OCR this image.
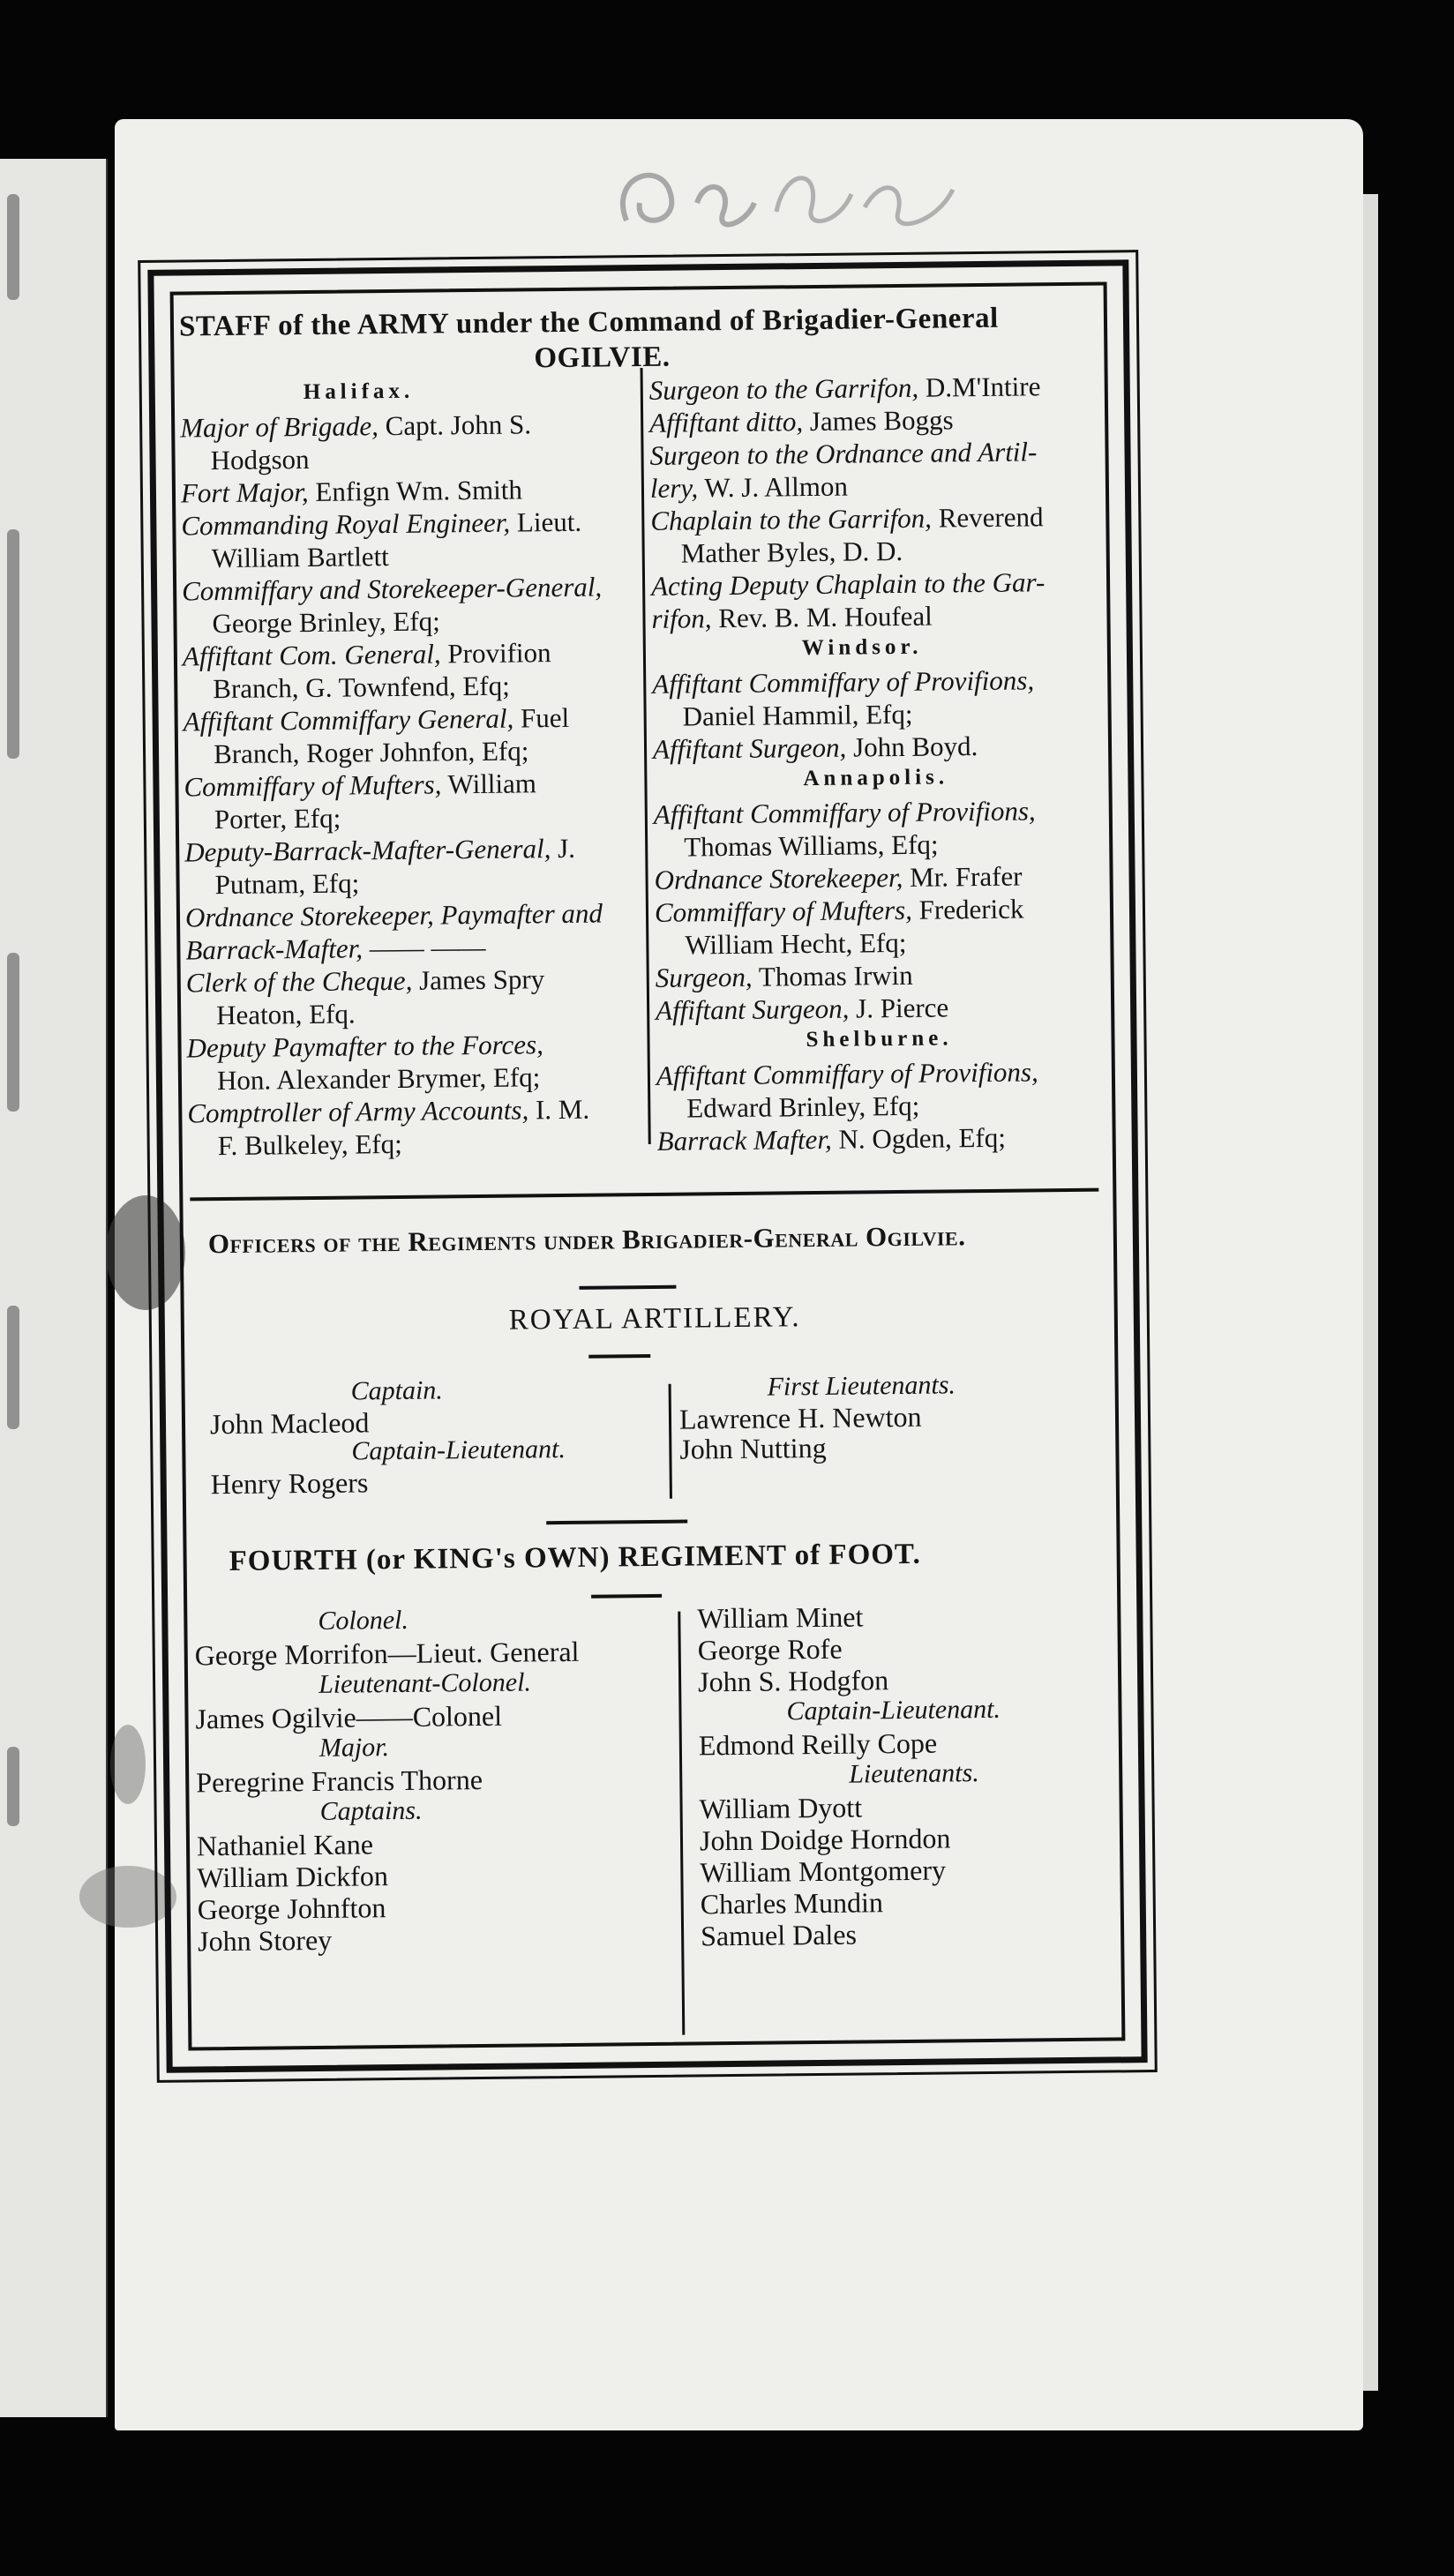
STAFF of the ARMY under the Command of Brigadier-General
OGILVIE.
Halifax.
Major of Brigade, Capt. John S.
Hodgson
Fort Major, Enfign Wm. Smith
Commanding Royal Engineer, Lieut.
William Bartlett
Commiffary and Storekeeper-General,
George Brinley, Efq;
Affiftant Com. General, Provifion
Branch, G. Townfend, Efq;
Affiftant Commiffary General, Fuel
Branch, Roger Johnfon, Efq;
Commiffary of Mufters, William
Porter, Efq;
Deputy-Barrack-Mafter-General, J.
Putnam, Efq;
Ordnance Storekeeper, Paymafter and
Barrack-Mafter, —— ——
Clerk of the Cheque, James Spry
Heaton, Efq.
Deputy Paymafter to the Forces,
Hon. Alexander Brymer, Efq;
Comptroller of Army Accounts, I. M.
F. Bulkeley, Efq;
Surgeon to the Garrifon, D.M'Intire
Affiftant ditto, James Boggs
Surgeon to the Ordnance and Artil-
lery, W. J. Allmon
Chaplain to the Garrifon, Reverend
Mather Byles, D. D.
Acting Deputy Chaplain to the Gar-
rifon, Rev. B. M. Houfeal
Windsor.
Affiftant Commiffary of Provifions,
Daniel Hammil, Efq;
Affiftant Surgeon, John Boyd.
Annapolis.
Affiftant Commiffary of Provifions,
Thomas Williams, Efq;
Ordnance Storekeeper, Mr. Frafer
Commiffary of Mufters, Frederick
William Hecht, Efq;
Surgeon, Thomas Irwin
Affiftant Surgeon, J. Pierce
Shelburne.
Affiftant Commiffary of Provifions,
Edward Brinley, Efq;
Barrack Mafter, N. Ogden, Efq;
Officers of the Regiments under Brigadier-General Ogilvie.
ROYAL ARTILLERY.
Captain.
John Macleod
Captain-Lieutenant.
Henry Rogers
First Lieutenants.
Lawrence H. Newton
John Nutting
FOURTH (or KING's OWN) REGIMENT of FOOT.
Colonel.
George Morrifon—Lieut. General
Lieutenant-Colonel.
James Ogilvie——Colonel
Major.
Peregrine Francis Thorne
Captains.
Nathaniel Kane
William Dickfon
George Johnfton
John Storey
William Minet
George Rofe
John S. Hodgfon
Captain-Lieutenant.
Edmond Reilly Cope
Lieutenants.
William Dyott
John Doidge Horndon
William Montgomery
Charles Mundin
Samuel Dales
